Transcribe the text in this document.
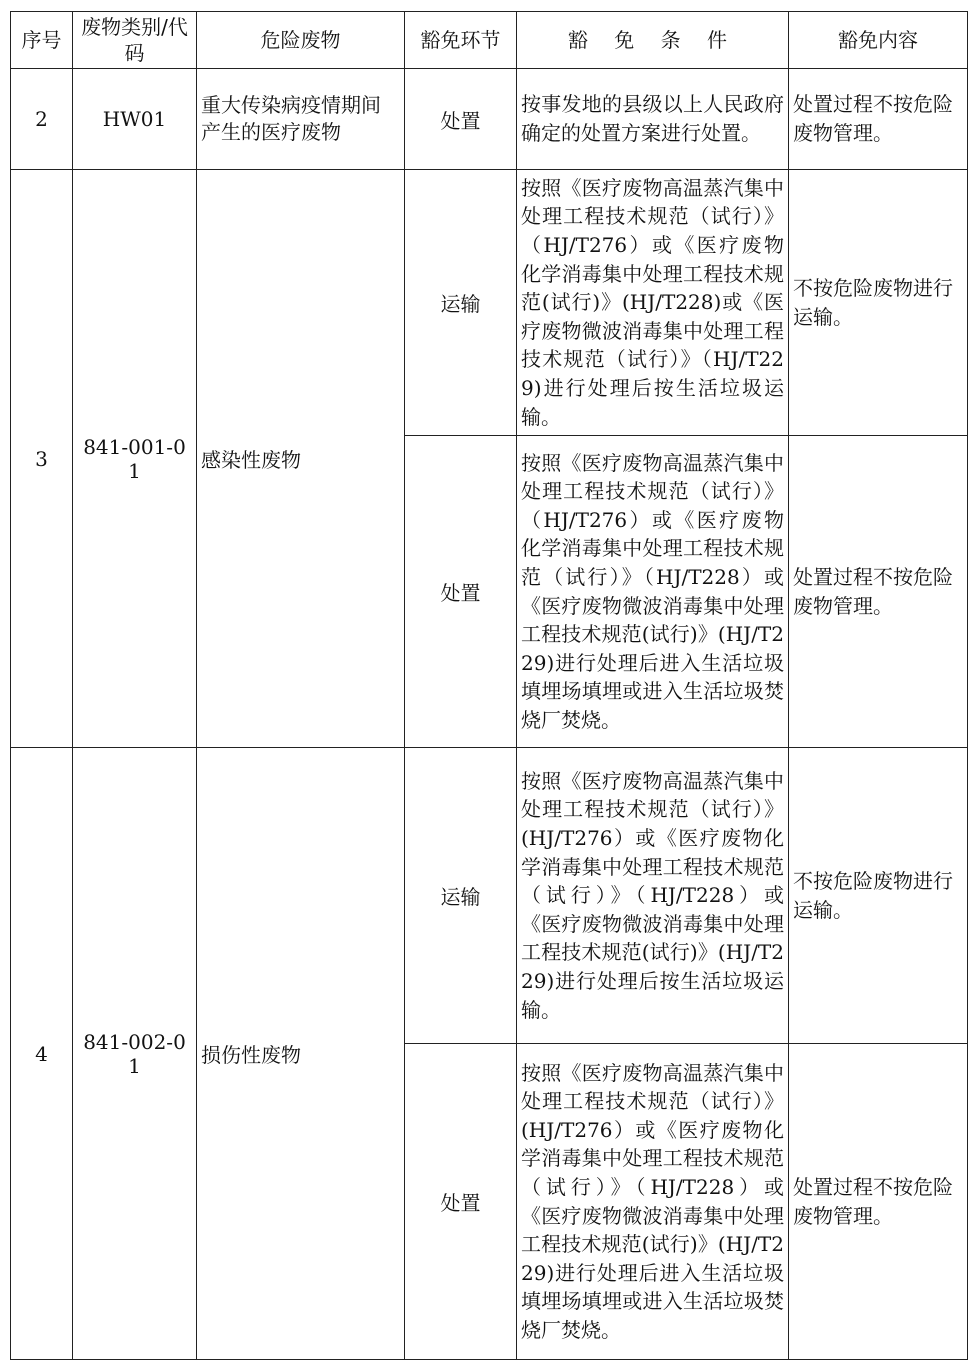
序号	废物类别/代码	危险废物	豁免环节	豁 免 条 件	豁免内容
2	HW01	重大传染病疫情期间产生的医疗废物	处置	按事发地的县级以上人民政府确定的处置方案进行处置。	处置过程不按危险废物管理。
3	841-001-01	感染性废物	运输	按照《医疗废物高温蒸汽集中处理工程技术规范（试行）》（HJ/T276）或《医疗废物化学消毒集中处理工程技术规范(试行)》(HJ/T228)或《医疗废物微波消毒集中处理工程技术规范（试行）》（HJ/T229)进行处理后按生活垃圾运输。	不按危险废物进行运输。
			处置	按照《医疗废物高温蒸汽集中处理工程技术规范（试行）》（HJ/T276）或《医疗废物化学消毒集中处理工程技术规范（试行）》（HJ/T228）或《医疗废物微波消毒集中处理工程技术规范(试行)》(HJ/T229)进行处理后进入生活垃圾填埋场填埋或进入生活垃圾焚烧厂焚烧。	处置过程不按危险废物管理。
4	841-002-01	损伤性废物	运输	按照《医疗废物高温蒸汽集中处理工程技术规范（试行）》(HJ/T276）或《医疗废物化学消毒集中处理工程技术规范（试行）》（HJ/T228）或《医疗废物微波消毒集中处理工程技术规范(试行)》(HJ/T229)进行处理后按生活垃圾运输。	不按危险废物进行运输。
			处置	按照《医疗废物高温蒸汽集中处理工程技术规范（试行）》(HJ/T276）或《医疗废物化学消毒集中处理工程技术规范（试行）》（HJ/T228）或《医疗废物微波消毒集中处理工程技术规范(试行)》(HJ/T229)进行处理后进入生活垃圾填埋场填埋或进入生活垃圾焚烧厂焚烧。	处置过程不按危险废物管理。
